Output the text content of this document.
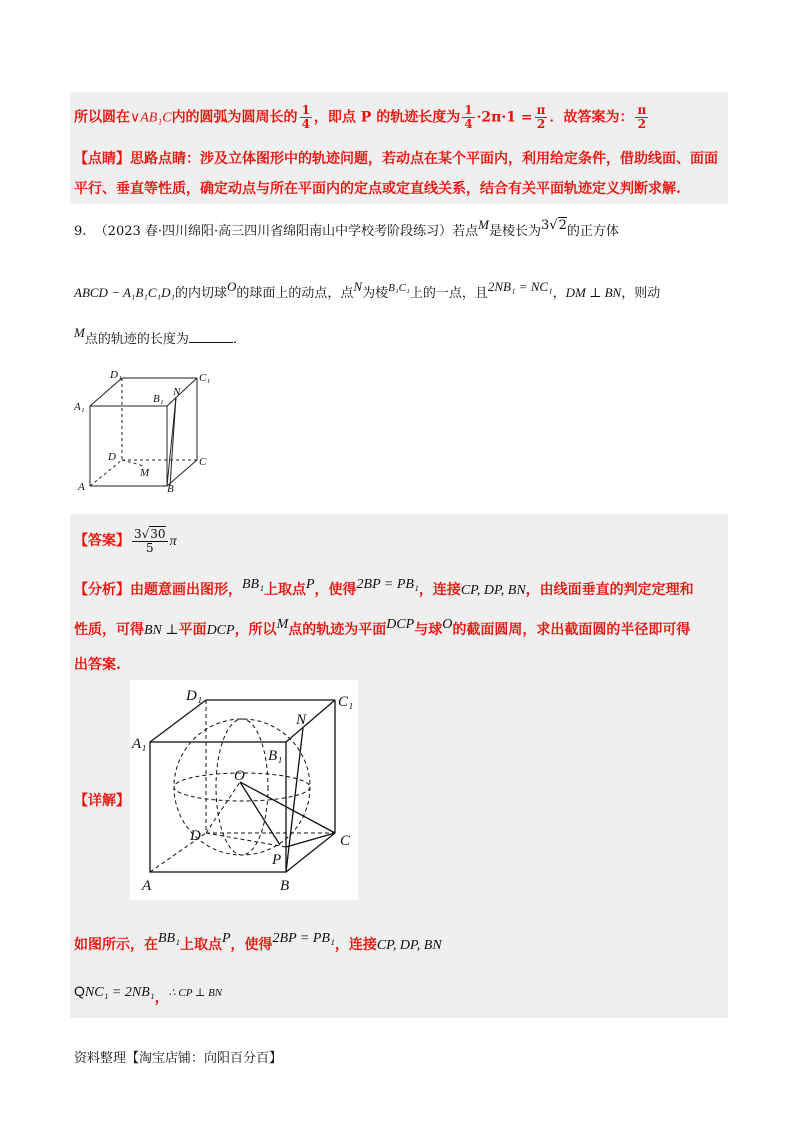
所以圆在∨AB₁C内的圆弧为圆周长的 $\frac{1}{4}$ ，即点 P 的轨迹长度为 $\frac{1}{4} \cdot 2\pi\cdot 1 = \frac{\pi}{2}$ ．故答案为： $\frac{\pi}{2}$
【点睛】思路点睛：涉及立体图形中的轨迹问题，若动点在某个平面内，利用给定条件，借助线面、面面
平行、垂直等性质，确定动点与所在平面内的定点或定直线关系，结合有关平面轨迹定义判断求解.
9. （2023 春·四川绵阳·高三四川省绵阳南山中学校考阶段练习）若点M是棱长为3√2的正方体
ABCD − A₁B₁C₁D₁的内切球O的球面上的动点，点N为棱$^{B_1C_1}$上的一点，且2NB₁ = NC₁，DM ⊥ BN，则动
M点的轨迹的长度为	.
D₁	C₁
A₁
B₁
N
D	C
M
A	B
【答案】 $\frac{3√30}{5}$ π
【分析】由题意画出图形，BB₁上取点P，使得2BP = PB₁，连接CP, DP, BN，由线面垂直的判定定理和
性质，可得BN ⊥平面DCP，所以M点的轨迹为平面DCP与球O的截面圆周，求出截面圆的半径即可得
出答案.
【详解】
D₁	C₁
N
A₁
B₁
O
D	C
P
A	B
如图所示，在BB₁上取点P，使得2BP = PB₁，连接CP, DP, BN
QNC₁ = 2NB₁，∴ CP ⊥ BN
资料整理【淘宝店铺：向阳百分百】
